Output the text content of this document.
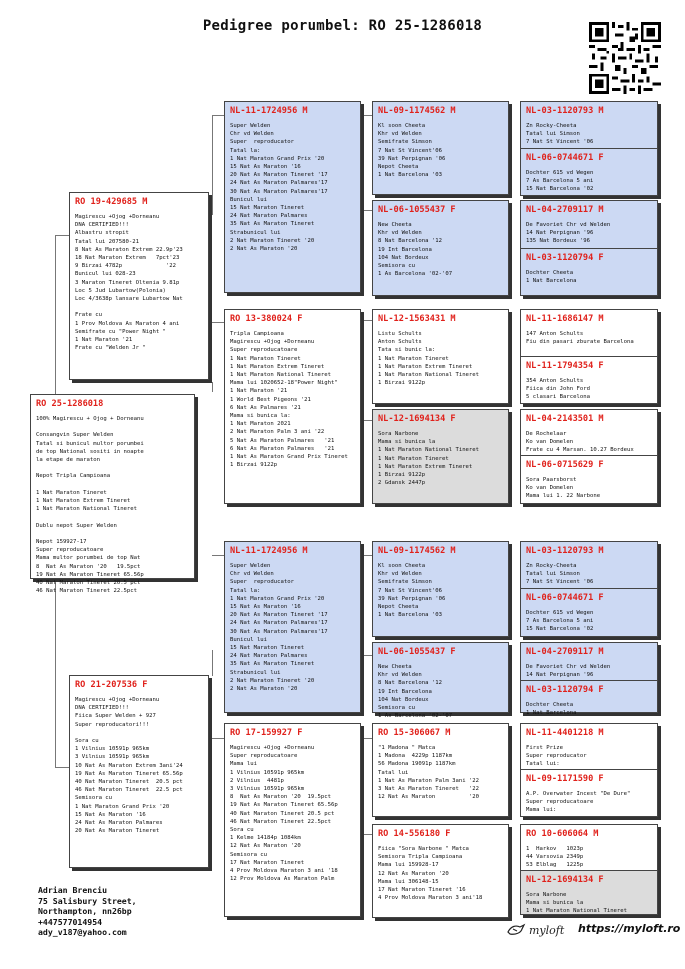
Pedigree porumbel: RO 25-1286018
RO 25-1286018
100% Magirescu + Ojog + Dorneanu

Consangvin Super Welden
Tatal si bunicul multor porumbei
de top National sositi in noapte
la etape de maraton

Nepot Tripla Campioana

1 Nat Maraton Tineret
1 Nat Maraton Extrem Tineret
1 Nat Maraton National Tineret

Dublu nepot Super Welden

Nepot 159927-17
Super reproducatoare
Mama multor porumbei de top Nat
8  Nat As Maraton '20   19.5pct
19 Nat As Maraton Tineret 65.56p
40 Nat Maraton Tineret 20.5 pct
46 Nat Maraton Tineret 22.5pct
RO 19-429685 M
Magirescu +Ojog +Dorneanu
DNA CERTIFIED!!!
Albastru stropit
Tatal lui 207580-21
8 Nat As Maraton Extrem 22.9p'23
18 Nat Maraton Extrem   7pct'23
9 Birzai 4782p             '22
Bunicul lui 028-23
3 Maraton Tineret Oltenia 9.81p
Loc 5 Jud Lubartow(Polonia)
Loc 4/3638p lansare Lubartow Nat

Frate cu
1 Prov Moldova As Maraton 4 ani
Semifrate cu "Power Night "
1 Nat Maraton '21
Frate cu "Welden Jr "
RO 21-207536 F
Magirescu +Ojog +Dorneanu
DNA CERTIFIED!!!
Fiica Super Welden + 927
Super reproducatori!!!

Sora cu
1 Vilnius 10591p 965km
3 Vilnius 10591p 965km
10 Nat As Maraton Extrem 3ani'24
19 Nat As Maraton Tineret 65.56p
40 Nat Maraton Tineret  20.5 pct
46 Nat Maraton Tineret  22.5 pct
Semisora cu
1 Nat Maraton Grand Prix '20
15 Nat As Maraton '16
24 Nat As Maraton Palmares
20 Nat As Maraton Tineret
NL-11-1724956 M
Super Welden
Chr vd Welden
Super  reproducator
Tatal la:
1 Nat Maraton Grand Prix '20
15 Nat As Maraton '16
20 Nat As Maraton Tineret '17
24 Nat As Maraton Palmares'17
30 Nat As Maraton Palmares'17
Bunicul lui
15 Nat Maraton Tineret
24 Nat Maraton Palmares
35 Nat As Maraton Tineret
Strabunicul lui
2 Nat Maraton Tineret '20
2 Nat As Maraton '20
RO 13-380024 F
Tripla Campioana
Magirescu +Ojog +Dorneanu
Super reproducatoare
1 Nat Maraton Tineret
1 Nat Maraton Extrem Tineret
1 Nat Maraton National Tineret
Mama lui 1020652-18"Power Night"
1 Nat Maraton '21
1 World Best Pigeons '21
6 Nat As Palmares '21
Mama si bunica la:
1 Nat Maraton 2021
2 Nat Maraton Palm 3 ani '22
5 Nat As Maraton Palmares   '21
6 Nat As Maraton Palmares   '21
1 Nat As Maraton Grand Prix Tineret
1 Birzai 9122p
NL-11-1724956 M
Super Welden
Chr vd Welden
Super  reproducator
Tatal la:
1 Nat Maraton Grand Prix '20
15 Nat As Maraton '16
20 Nat As Maraton Tineret '17
24 Nat As Maraton Palmares'17
30 Nat As Maraton Palmares'17
Bunicul lui
15 Nat Maraton Tineret
24 Nat Maraton Palmares
35 Nat As Maraton Tineret
Strabunicul lui
2 Nat Maraton Tineret '20
2 Nat As Maraton '20
RO 17-159927 F
Magirescu +Ojog +Dorneanu
Super reproducatoare
Mama lui
1 Vilnius 10591p 965km
2 Vilnius  4481p
3 Vilnius 10591p 965km
8  Nat As Maraton '20  19.5pct
19 Nat As Maraton Tineret 65.56p
40 Nat Maraton Tineret 20.5 pct
46 Nat Maraton Tineret 22.5pct
Sora cu
1 Kelme 14184p 1084km
12 Nat As Maraton '20
Semisora cu
17 Nat Maraton Tineret
4 Prov Moldova Maraton 3 ani '18
12 Prov Moldova As Maraton Palm
NL-09-1174562 M
Kl soon Cheeta
Khr vd Welden
Semifrate Simson
7 Nat St Vincent'06
39 Nat Perpignan '06
Nepot Cheeta
1 Nat Barcelona '03
NL-06-1055437 F
New Cheeta
Khr vd Welden
8 Nat Barcelona '12
19 Int Barcelona
104 Nat Bordeux
Semisora cu
1 As Barcelona '02-'07
NL-12-1563431 M
Listu Schults
Anton Schults
Tata si bunic la:
1 Nat Maraton Tineret
1 Nat Maraton Extrem Tineret
1 Nat Maraton National Tineret
1 Birzai 9122p
NL-12-1694134 F
Sora Narbone
Mama si bunica la
1 Nat Maraton National Tineret
1 Nat Maraton Tineret
1 Nat Maraton Extrem Tineret
1 Birzai 9122p
2 Gdansk 2447p
NL-09-1174562 M
Kl soon Cheeta
Khr vd Welden
Semifrate Simson
7 Nat St Vincent'06
39 Nat Perpignan '06
Nepot Cheeta
1 Nat Barcelona '03
NL-06-1055437 F
New Cheeta
Khr vd Welden
8 Nat Barcelona '12
19 Int Barcelona
104 Nat Bordeux
Semisora cu
1 As Barcelona '02-'07
RO 15-306067 M
"1 Madona " Matca
1 Madona  4229p 1187km
56 Madona 19091p 1187km
Tatal lui
1 Nat As Maraton Palm 3ani '22
3 Nat As Maraton Tineret   '22
12 Nat As Maraton          '20
RO 14-556180 F
Fiica "Sora Narbone " Matca
Semisora Tripla Campioana
Mama lui 159928-17
12 Nat As Maraton '20
Mama lui 306148-15
17 Nat Maraton Tineret '16
4 Prov Moldova Maraton 3 ani'18
NL-03-1120793 M
Zn Rocky-Cheeta
Tatal lui Simson
7 Nat St Vincent '06
NL-06-0744671 F
Dochter 615 vd Wegen
7 As Barcelona 5 ani
15 Nat Barcelona '02
NL-04-2709117 M
De Favoriet Chr vd Welden
14 Nat Perpignan '96
135 Nat Bordeux '96
NL-03-1120794 F
Dochter Cheeta
1 Nat Barcelona
NL-11-1686147 M
147 Anton Schults
Fiu din pasari zburate Barcelona
NL-11-1794354 F
354 Anton Schults
Fiica din John Ford
5 clasari Barcelona
NL-04-2143501 M
De Rochelaar
Ko van Domelen
Frate cu 4 Marsan. 10.27 Bordeux
NL-06-0715629 F
Sora Paarsborst
Ko van Domelen
Mama lui 1. 22 Narbone
NL-03-1120793 M
Zn Rocky-Cheeta
Tatal lui Simson
7 Nat St Vincent '06
NL-06-0744671 F
Dochter 615 vd Wegen
7 As Barcelona 5 ani
15 Nat Barcelona '02
NL-04-2709117 M
De Favoriet Chr vd Welden
14 Nat Perpignan '96

NL-03-1120794 F
Dochter Cheeta
1 Nat Barcelona
NL-11-4401218 M
First Prize
Super reproducator
Tatal lui:
NL-09-1171590 F
A.P. Overwater Incest "De Dure"
Super reproducatoare
Mama lui:
RO 10-606064 M
1  Harkov   1023p
44 Varsovia 2349p
53 Elblag   1225p
NL-12-1694134 F
Sora Narbone
Mama si bunica la
1 Nat Maraton National Tineret
Adrian Brenciu
75 Salisbury Street,
Northampton, nn26bp
+447577014954
ady_v187@yahoo.com	myloft https://myloft.ro
